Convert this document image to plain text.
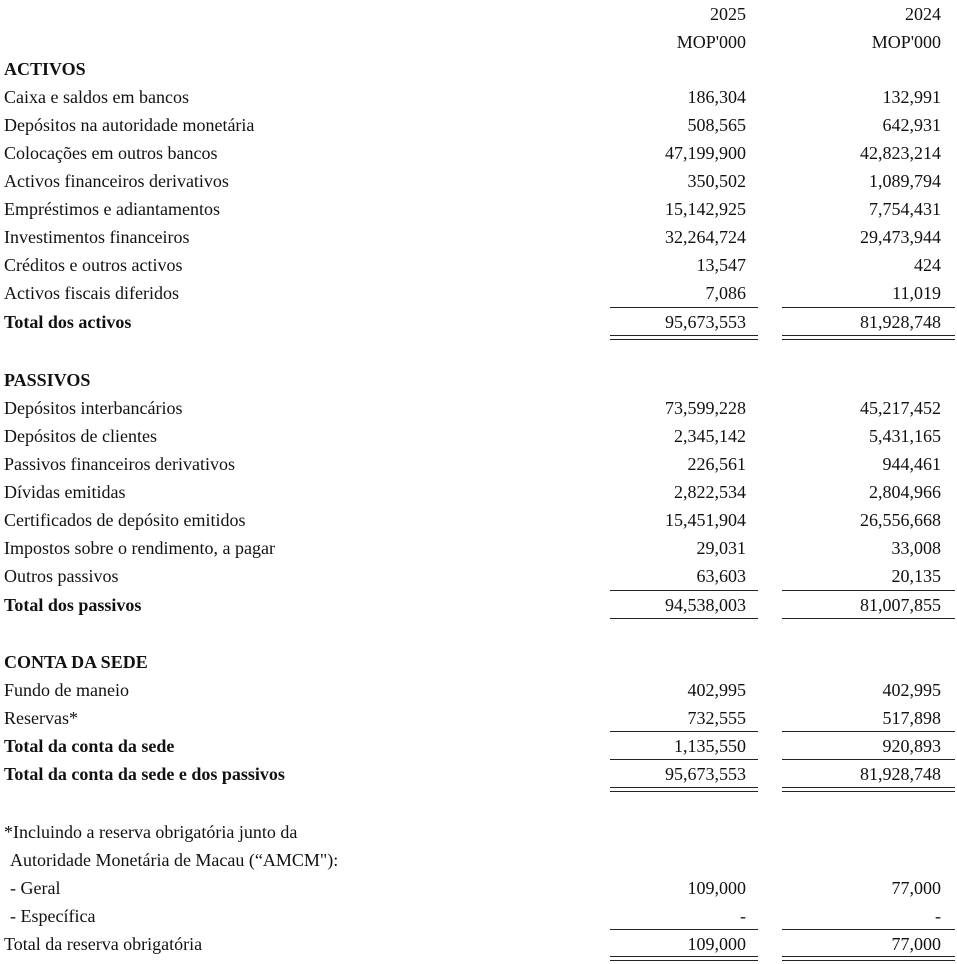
2025	2024
MOP'000	MOP'000
ACTIVOS
Caixa e saldos em bancos	186,304	132,991
Depósitos na autoridade monetária	508,565	642,931
Colocações em outros bancos	47,199,900	42,823,214
Activos financeiros derivativos	350,502	1,089,794
Empréstimos e adiantamentos	15,142,925	7,754,431
Investimentos financeiros	32,264,724	29,473,944
Créditos e outros activos	13,547	424
Activos fiscais diferidos	7,086	11,019
Total dos activos	95,673,553	81,928,748
PASSIVOS
Depósitos interbancários	73,599,228	45,217,452
Depósitos de clientes	2,345,142	5,431,165
Passivos financeiros derivativos	226,561	944,461
Dívidas emitidas	2,822,534	2,804,966
Certificados de depósito emitidos	15,451,904	26,556,668
Impostos sobre o rendimento, a pagar	29,031	33,008
Outros passivos	63,603	20,135
Total dos passivos	94,538,003	81,007,855
CONTA DA SEDE
Fundo de maneio	402,995	402,995
Reservas*	732,555	517,898
Total da conta da sede	1,135,550	920,893
Total da conta da sede e dos passivos	95,673,553	81,928,748
*Incluindo a reserva obrigatória junto da
Autoridade Monetária de Macau (“AMCM"):
- Geral	109,000	77,000
- Específica	-	-
Total da reserva obrigatória	109,000	77,000
